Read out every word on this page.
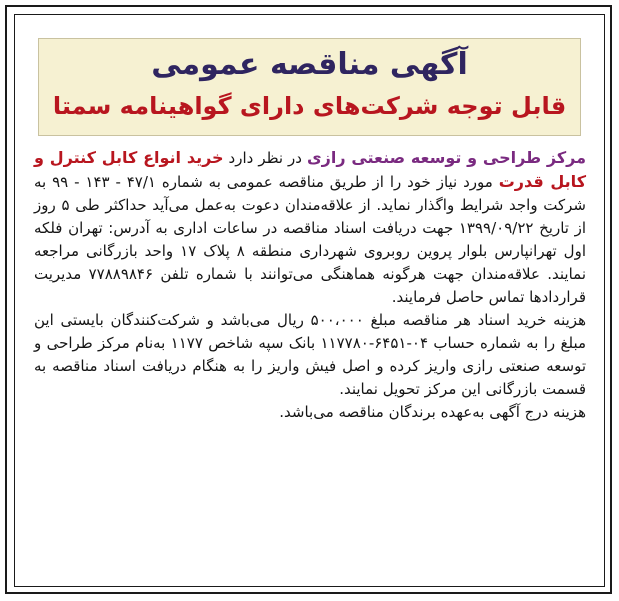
آگهی مناقصه عمومی
قابل توجه شرکت‌های دارای گواهینامه سمتا

مرکز طراحی و توسعه صنعتی رازی در نظر دارد خرید انواع کابل کنترل و کابل قدرت مورد نیاز خود را از طریق مناقصه عمومی به شماره ۴۷/۱ - ۱۴۳ - ۹۹ به شرکت واجد شرایط واگذار نماید. از علاقه‌مندان دعوت به‌عمل می‌آید حداکثر طی ۵ روز از تاریخ ۱۳۹۹/۰۹/۲۲ جهت دریافت اسناد مناقصه در ساعات اداری به آدرس: تهران فلکه اول تهرانپارس بلوار پروین روبروی شهرداری منطقه ۸ پلاک ۱۷ واحد بازرگانی مراجعه نمایند. علاقه‌مندان جهت هرگونه هماهنگی می‌توانند با شماره تلفن ۷۷۸۸۹۸۴۶ مدیریت قراردادها تماس حاصل فرمایند.

هزینه خرید اسناد هر مناقصه مبلغ ۵۰۰،۰۰۰ ریال می‌باشد و شرکت‌کنندگان بایستی این مبلغ را به شماره حساب ۰۴-۶۴۵۱-۱۱۷۷۸۰ بانک سپه شاخص ۱۱۷۷ به‌نام مرکز طراحی و توسعه صنعتی رازی واریز کرده و اصل فیش واریز را به هنگام دریافت اسناد مناقصه به قسمت بازرگانی این مرکز تحویل نمایند.

هزینه درج آگهی به‌عهده برندگان مناقصه می‌باشد.
